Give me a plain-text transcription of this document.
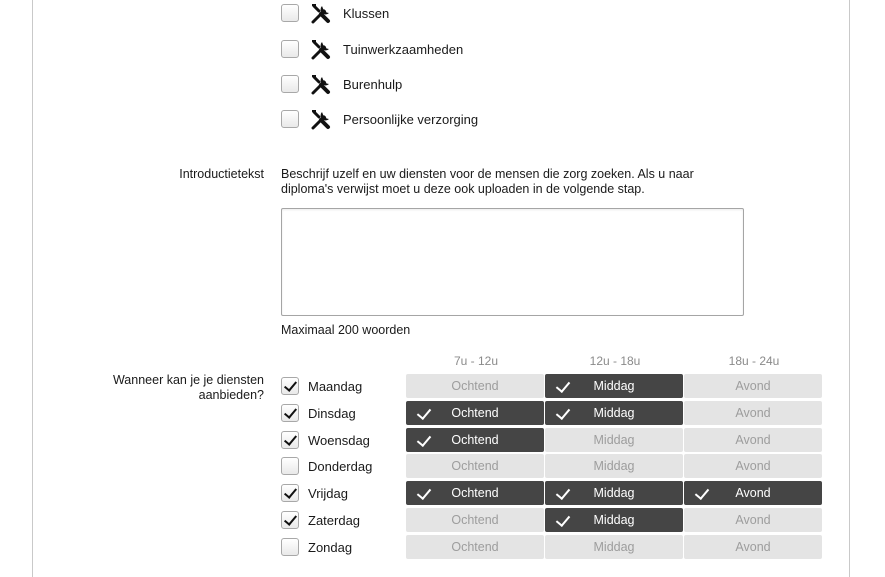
Klussen
Tuinwerkzaamheden
Burenhulp
Persoonlijke verzorging
Introductietekst Beschrijf uzelf en uw diensten voor de mensen die zorg zoeken. Als u naar diploma's verwijst moet u deze ook uploaden in de volgende stap.
Maximaal 200 woorden
Wanneer kan je je diensten aanbieden?
7u - 12u	12u - 18u	18u - 24u
Maandag	Ochtend	Middag	Avond
Dinsdag	Ochtend	Middag	Avond
Woensdag	Ochtend	Middag	Avond
Donderdag	Ochtend	Middag	Avond
Vrijdag	Ochtend	Middag	Avond
Zaterdag	Ochtend	Middag	Avond
Zondag	Ochtend	Middag	Avond
